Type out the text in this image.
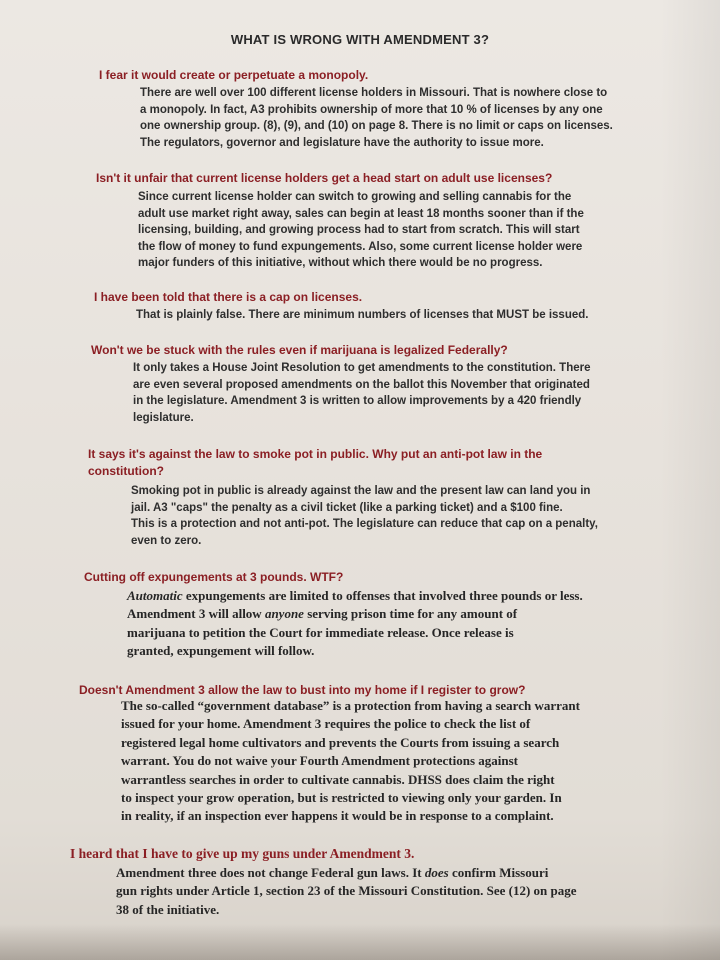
WHAT IS WRONG WITH AMENDMENT 3?
I fear it would create or perpetuate a monopoly.
There are well over 100 different license holders in Missouri. That is nowhere close to
a monopoly. In fact, A3 prohibits ownership of more that 10 % of licenses by any one
one ownership group. (8), (9), and (10) on page 8. There is no limit or caps on licenses.
The regulators, governor and legislature have the authority to issue more.
Isn't it unfair that current license holders get a head start on adult use licenses?
Since current license holder can switch to growing and selling cannabis for the
adult use market right away, sales can begin at least 18 months sooner than if the
licensing, building, and growing process had to start from scratch. This will start
the flow of money to fund expungements. Also, some current license holder were
major funders of this initiative, without which there would be no progress.
I have been told that there is a cap on licenses.
That is plainly false. There are minimum numbers of licenses that MUST be issued.
Won't we be stuck with the rules even if marijuana is legalized Federally?
It only takes a House Joint Resolution to get amendments to the constitution. There
are even several proposed amendments on the ballot this November that originated
in the legislature. Amendment 3 is written to allow improvements by a 420 friendly
legislature.
It says it's against the law to smoke pot in public. Why put an anti-pot law in the
constitution?
Smoking pot in public is already against the law and the present law can land you in
jail. A3 "caps" the penalty as a civil ticket (like a parking ticket) and a $100 fine.
This is a protection and not anti-pot. The legislature can reduce that cap on a penalty,
even to zero.
Cutting off expungements at 3 pounds. WTF?
Automatic expungements are limited to offenses that involved three pounds or less.
Amendment 3 will allow anyone serving prison time for any amount of
marijuana to petition the Court for immediate release. Once release is
granted, expungement will follow.
Doesn't Amendment 3 allow the law to bust into my home if I register to grow?
The so-called “government database” is a protection from having a search warrant
issued for your home. Amendment 3 requires the police to check the list of
registered legal home cultivators and prevents the Courts from issuing a search
warrant. You do not waive your Fourth Amendment protections against
warrantless searches in order to cultivate cannabis. DHSS does claim the right
to inspect your grow operation, but is restricted to viewing only your garden. In
in reality, if an inspection ever happens it would be in response to a complaint.
I heard that I have to give up my guns under Amendment 3.
Amendment three does not change Federal gun laws. It does confirm Missouri
gun rights under Article 1, section 23 of the Missouri Constitution. See (12) on page
38 of the initiative.
